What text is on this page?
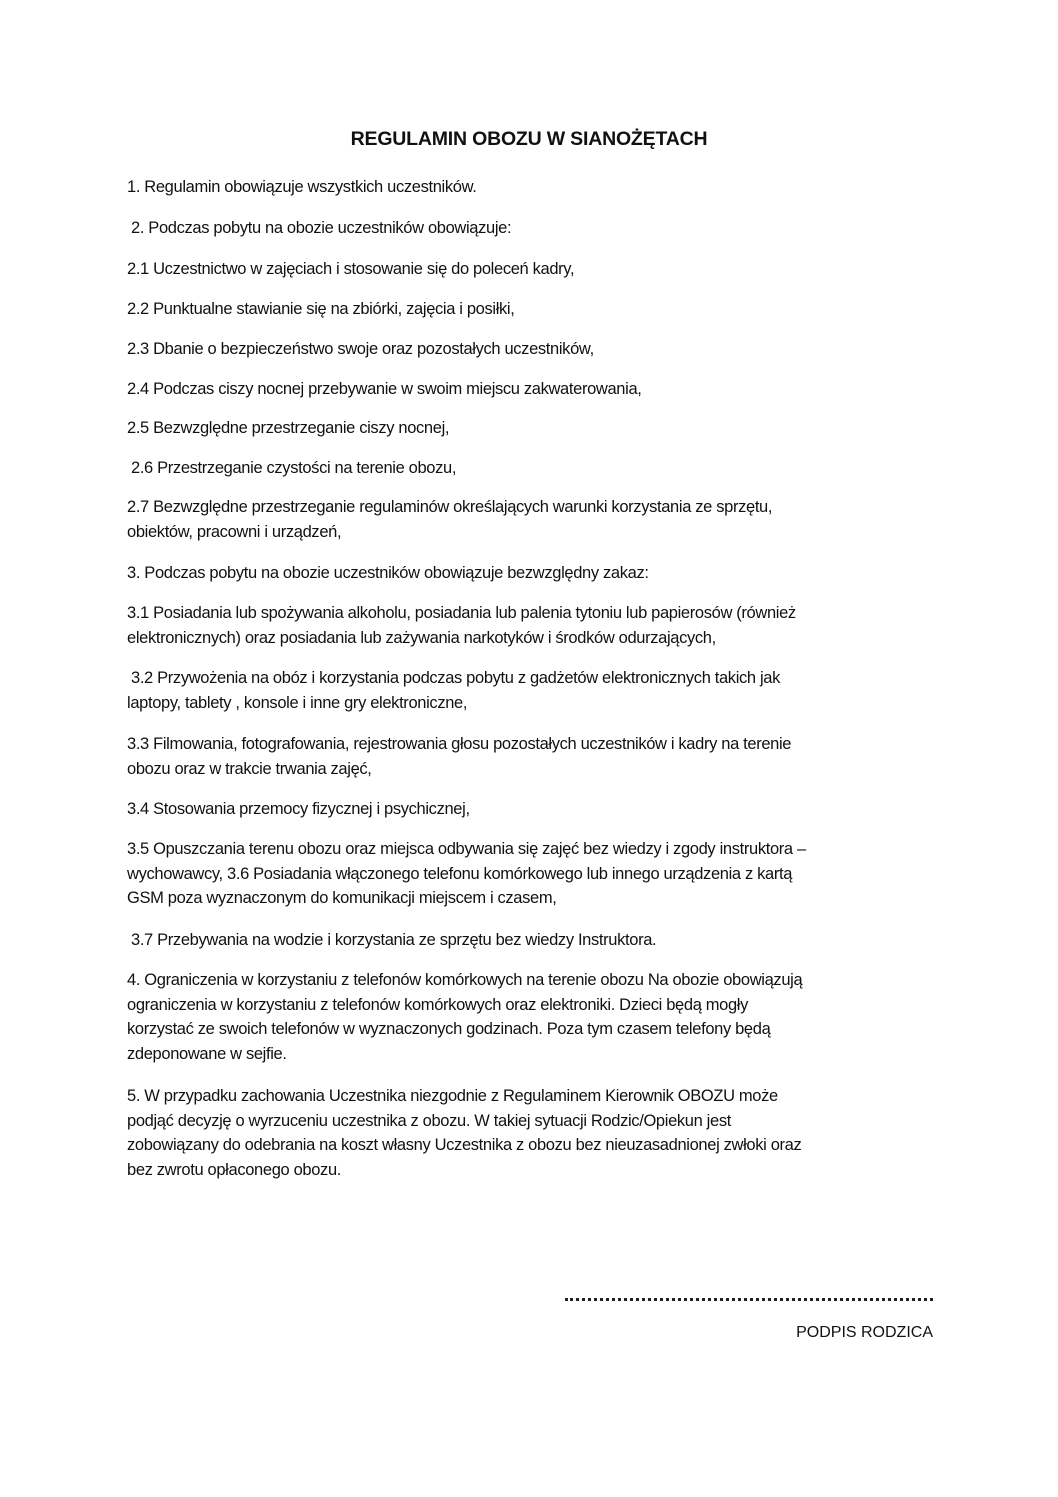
REGULAMIN OBOZU W SIANOŻĘTACH
1. Regulamin obowiązuje wszystkich uczestników.
2. Podczas pobytu na obozie uczestników obowiązuje:
2.1 Uczestnictwo w zajęciach i stosowanie się do poleceń kadry,
2.2 Punktualne stawianie się na zbiórki, zajęcia i posiłki,
2.3 Dbanie o bezpieczeństwo swoje oraz pozostałych uczestników,
2.4 Podczas ciszy nocnej przebywanie w swoim miejscu zakwaterowania,
2.5 Bezwzględne przestrzeganie ciszy nocnej,
2.6 Przestrzeganie czystości na terenie obozu,
2.7 Bezwzględne przestrzeganie regulaminów określających warunki korzystania ze sprzętu,
obiektów, pracowni i urządzeń,
3. Podczas pobytu na obozie uczestników obowiązuje bezwzględny zakaz:
3.1 Posiadania lub spożywania alkoholu, posiadania lub palenia tytoniu lub papierosów (również
elektronicznych) oraz posiadania lub zażywania narkotyków i środków odurzających,
3.2 Przywożenia na obóz i korzystania podczas pobytu z gadżetów elektronicznych takich jak
laptopy, tablety , konsole i inne gry elektroniczne,
3.3 Filmowania, fotografowania, rejestrowania głosu pozostałych uczestników i kadry na terenie
obozu oraz w trakcie trwania zajęć,
3.4 Stosowania przemocy fizycznej i psychicznej,
3.5 Opuszczania terenu obozu oraz miejsca odbywania się zajęć bez wiedzy i zgody instruktora –
wychowawcy, 3.6 Posiadania włączonego telefonu komórkowego lub innego urządzenia z kartą
GSM poza wyznaczonym do komunikacji miejscem i czasem,
3.7 Przebywania na wodzie i korzystania ze sprzętu bez wiedzy Instruktora.
4. Ograniczenia w korzystaniu z telefonów komórkowych na terenie obozu Na obozie obowiązują
ograniczenia w korzystaniu z telefonów komórkowych oraz elektroniki. Dzieci będą mogły
korzystać ze swoich telefonów w wyznaczonych godzinach. Poza tym czasem telefony będą
zdeponowane w sejfie.
5. W przypadku zachowania Uczestnika niezgodnie z Regulaminem Kierownik OBOZU może
podjąć decyzję o wyrzuceniu uczestnika z obozu. W takiej sytuacji Rodzic/Opiekun jest
zobowiązany do odebrania na koszt własny Uczestnika z obozu bez nieuzasadnionej zwłoki oraz
bez zwrotu opłaconego obozu.
PODPIS RODZICA
